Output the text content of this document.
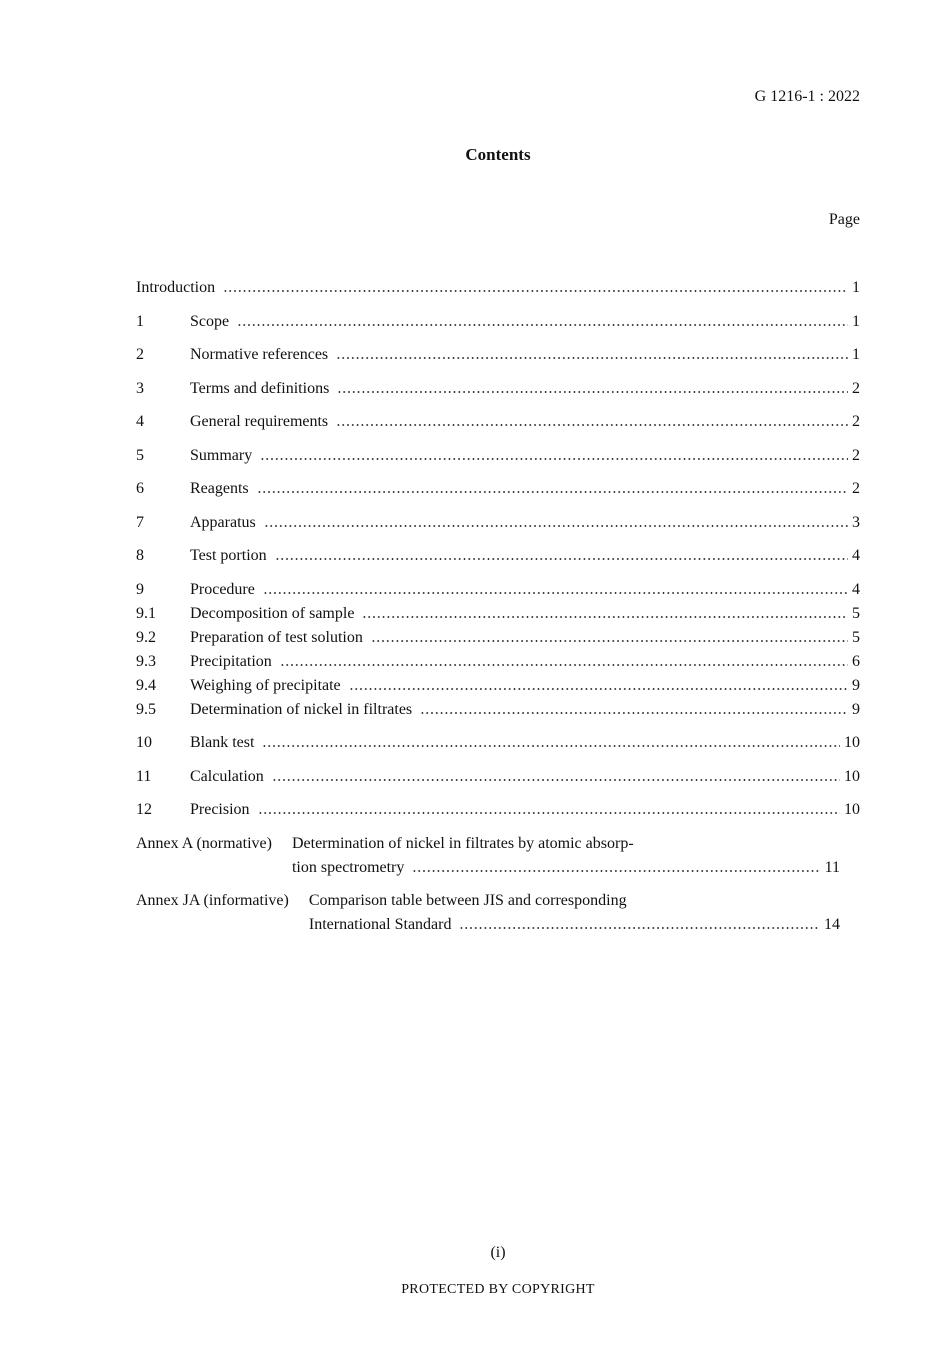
G 1216-1 : 2022
Contents
Page
Introduction	1
1	Scope	1
2	Normative references	1
3	Terms and definitions	2
4	General requirements	2
5	Summary	2
6	Reagents	2
7	Apparatus	3
8	Test portion	4
9	Procedure	4
9.1	Decomposition of sample	5
9.2	Preparation of test solution	5
9.3	Precipitation	6
9.4	Weighing of precipitate	9
9.5	Determination of nickel in filtrates	9
10	Blank test	10
11	Calculation	10
12	Precision	10
Annex A (normative)	Determination of nickel in filtrates by atomic absorp-
tion spectrometry	11
Annex JA (informative)	Comparison table between JIS and corresponding
International Standard	14
(i)
PROTECTED BY COPYRIGHT
